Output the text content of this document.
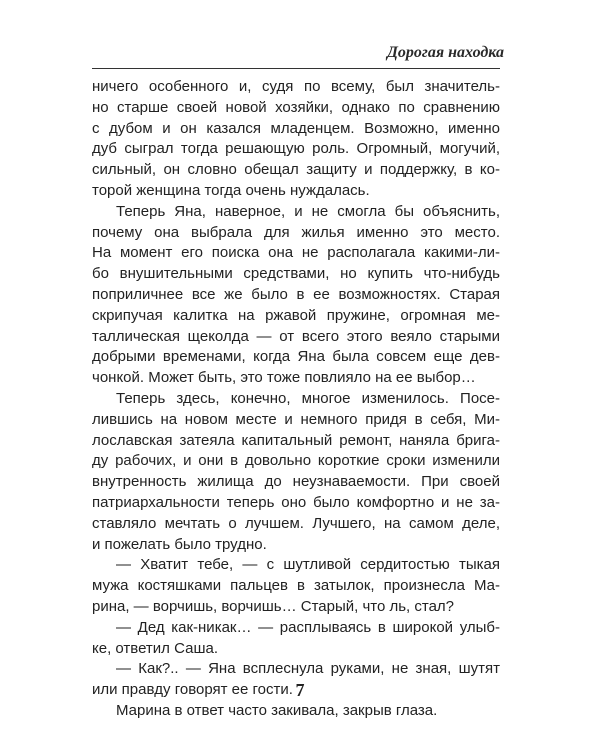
Дорогая находка
ничего особенного и, судя по всему, был значитель-
но старше своей новой хозяйки, однако по сравнению
с дубом и он казался младенцем. Возможно, именно
дуб сыграл тогда решающую роль. Огромный, могучий,
сильный, он словно обещал защиту и поддержку, в ко-
торой женщина тогда очень нуждалась.
Теперь Яна, наверное, и не смогла бы объяснить,
почему она выбрала для жилья именно это место.
На момент его поиска она не располагала какими-ли-
бо внушительными средствами, но купить что-нибудь
поприличнее все же было в ее возможностях. Старая
скрипучая калитка на ржавой пружине, огромная ме-
таллическая щеколда — от всего этого веяло старыми
добрыми временами, когда Яна была совсем еще дев-
чонкой. Может быть, это тоже повлияло на ее выбор…
Теперь здесь, конечно, многое изменилось. Посе-
лившись на новом месте и немного придя в себя, Ми-
лославская затеяла капитальный ремонт, наняла брига-
ду рабочих, и они в довольно короткие сроки изменили
внутренность жилища до неузнаваемости. При своей
патриархальности теперь оно было комфортно и не за-
ставляло мечтать о лучшем. Лучшего, на самом деле,
и пожелать было трудно.
— Хватит тебе, — с шутливой сердитостью тыкая
мужа костяшками пальцев в затылок, произнесла Ма-
рина, — ворчишь, ворчишь… Старый, что ль, стал?
— Дед как-никак… — расплываясь в широкой улыб-
ке, ответил Саша.
— Как?.. — Яна всплеснула руками, не зная, шутят
или правду говорят ее гости.
Марина в ответ часто закивала, закрыв глаза.
7
